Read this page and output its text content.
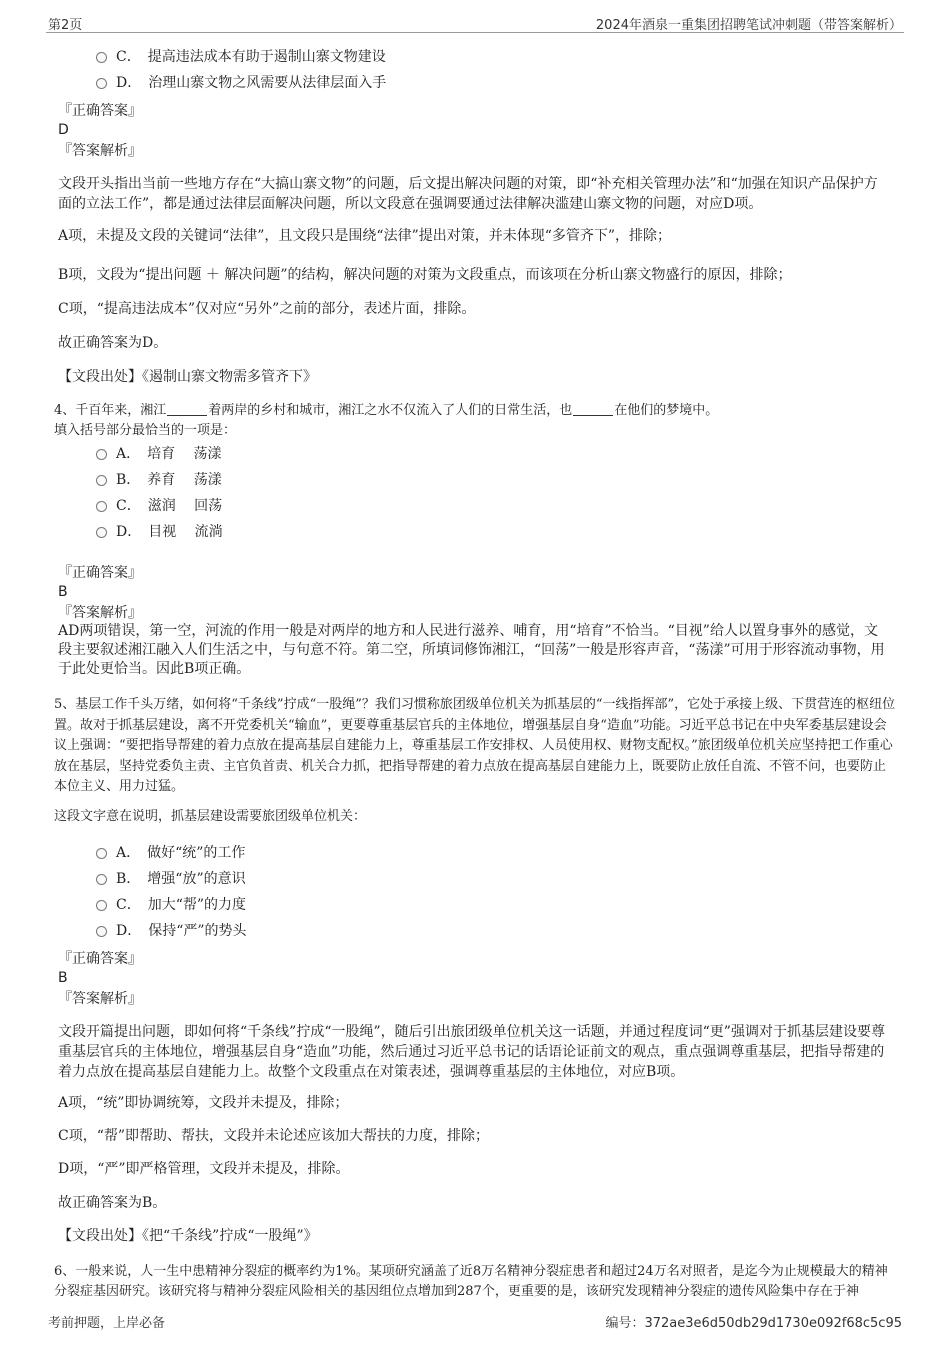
第2页	2024年酒泉一重集团招聘笔试冲刺题（带答案解析）
C．　提高违法成本有助于遏制山寨文物建设
D．　治理山寨文物之风需要从法律层面入手
『正确答案』
D
『答案解析』
文段开头指出当前一些地方存在“大搞山寨文物”的问题，后文提出解决问题的对策，即“补充相关管理办法”和“加强在知识产品保护方面的立法工作”，都是通过法律层面解决问题，所以文段意在强调要通过法律解决滥建山寨文物的问题，对应D项。
A项，未提及文段的关键词“法律”，且文段只是围绕“法律”提出对策，并未体现“多管齐下”，排除；
B项，文段为“提出问题 ＋ 解决问题”的结构，解决问题的对策为文段重点，而该项在分析山寨文物盛行的原因，排除；
C项，“提高违法成本”仅对应“另外”之前的部分，表述片面，排除。
故正确答案为D。
【文段出处】《遏制山寨文物需多管齐下》
4、千百年来，湘江	着两岸的乡村和城市，湘江之水不仅流入了人们的日常生活，也	在他们的梦境中。
填入括号部分最恰当的一项是：
A．　培育　 荡漾
B．　养育　 荡漾
C．　滋润　 回荡
D．　目视　 流淌
『正确答案』
B
『答案解析』
AD两项错误，第一空，河流的作用一般是对两岸的地方和人民进行滋养、哺育，用“培育”不恰当。“目视”给人以置身事外的感觉，文段主要叙述湘江融入人们生活之中，与句意不符。第二空，所填词修饰湘江，“回荡”一般是形容声音，“荡漾”可用于形容流动事物，用于此处更恰当。因此B项正确。
5、基层工作千头万绪，如何将“千条线”拧成“一股绳”？我们习惯称旅团级单位机关为抓基层的“一线指挥部”，它处于承接上级、下贯营连的枢纽位置。故对于抓基层建设，离不开党委机关“输血”，更要尊重基层官兵的主体地位，增强基层自身“造血”功能。习近平总书记在中央军委基层建设会议上强调：“要把指导帮建的着力点放在提高基层自建能力上，尊重基层工作安排权、人员使用权、财物支配权。”旅团级单位机关应坚持把工作重心放在基层，坚持党委负主责、主官负首责、机关合力抓，把指导帮建的着力点放在提高基层自建能力上，既要防止放任自流、不管不问，也要防止本位主义、用力过猛。
这段文字意在说明，抓基层建设需要旅团级单位机关：
A．　做好“统”的工作
B．　增强“放”的意识
C．　加大“帮”的力度
D．　保持“严”的势头
『正确答案』
B
『答案解析』
文段开篇提出问题，即如何将“千条线”拧成“一股绳”，随后引出旅团级单位机关这一话题，并通过程度词“更”强调对于抓基层建设要尊重基层官兵的主体地位，增强基层自身“造血”功能，然后通过习近平总书记的话语论证前文的观点，重点强调尊重基层，把指导帮建的着力点放在提高基层自建能力上。故整个文段重点在对策表述，强调尊重基层的主体地位，对应B项。
A项，“统”即协调统筹，文段并未提及，排除；
C项，“帮”即帮助、帮扶，文段并未论述应该加大帮扶的力度，排除；
D项，“严”即严格管理，文段并未提及，排除。
故正确答案为B。
【文段出处】《把“千条线”拧成“一股绳”》
6、一般来说，人一生中患精神分裂症的概率约为1%。某项研究涵盖了近8万名精神分裂症患者和超过24万名对照者，是迄今为止规模最大的精神分裂症基因研究。该研究将与精神分裂症风险相关的基因组位点增加到287个，更重要的是，该研究发现精神分裂症的遗传风险集中存在于神
考前押题，上岸必备	编号：372ae3e6d50db29d1730e092f68c5c95
